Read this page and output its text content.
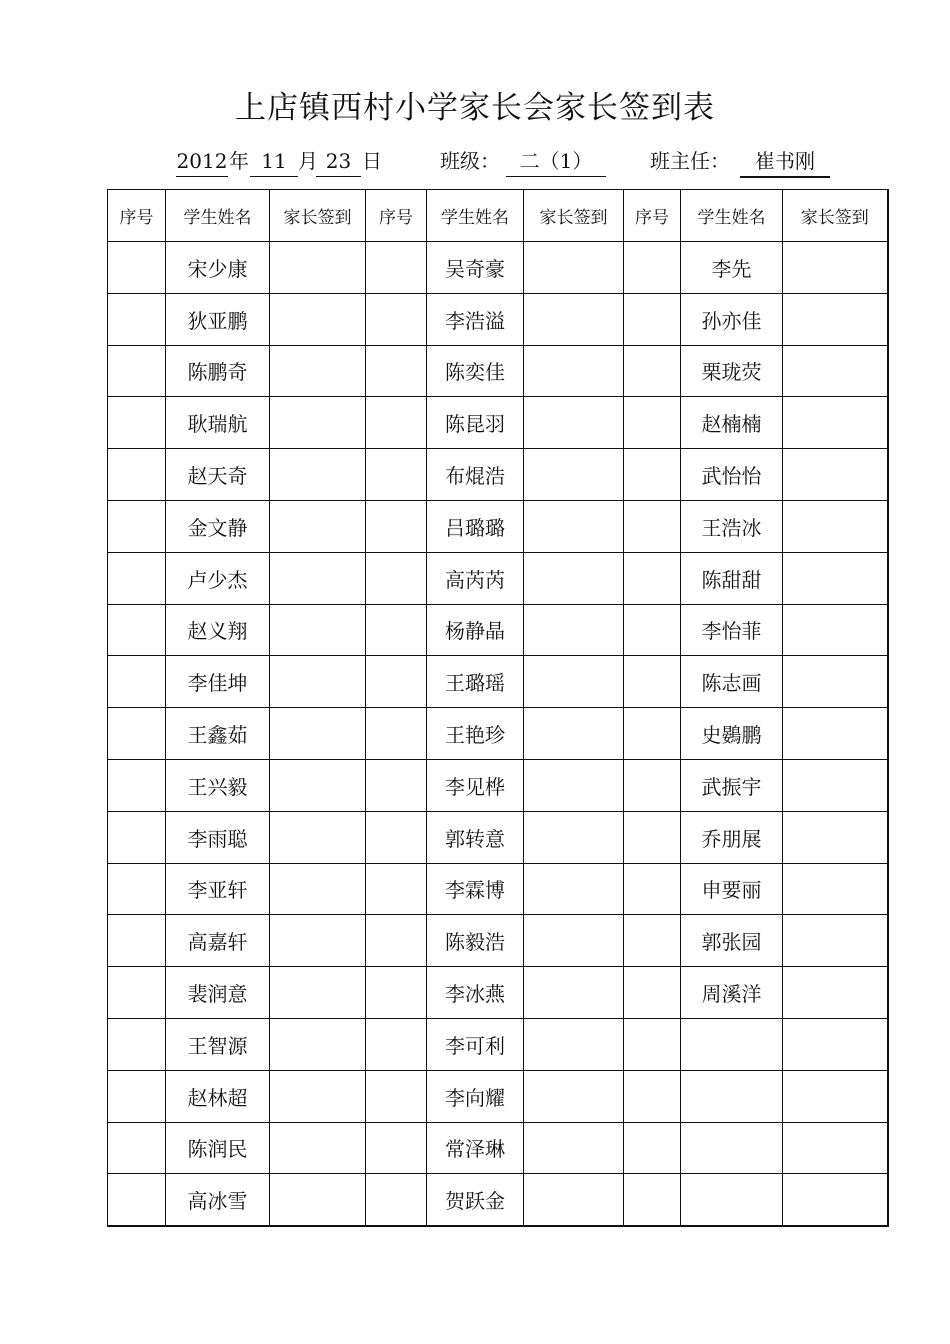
上店镇西村小学家长会家长签到表
2012 年 11 月 23 日	班级： 二（1）	班主任：	崔书刚
序号	学生姓名	家长签到	序号	学生姓名	家长签到	序号	学生姓名	家长签到
	宋少康			吴奇豪			李先	
	狄亚鹏			李浩溢			孙亦佳	
	陈鹏奇			陈奕佳			栗珑荧	
	耿瑞航			陈昆羽			赵楠楠	
	赵天奇			布焜浩			武怡怡	
	金文静			吕璐璐			王浩冰	
	卢少杰			高芮芮			陈甜甜	
	赵义翔			杨静晶			李怡菲	
	李佳坤			王璐瑶			陈志画	
	王鑫茹			王艳珍			史鷃鹏	
	王兴毅			李见桦			武振宇	
	李雨聪			郭转意			乔朋展	
	李亚轩			李霖博			申要丽	
	高嘉轩			陈毅浩			郭张园	
	裴润意			李冰燕			周溪洋	
	王智源			李可利				
	赵林超			李向耀				
	陈润民			常泽琳				
	高冰雪			贺跃金				
